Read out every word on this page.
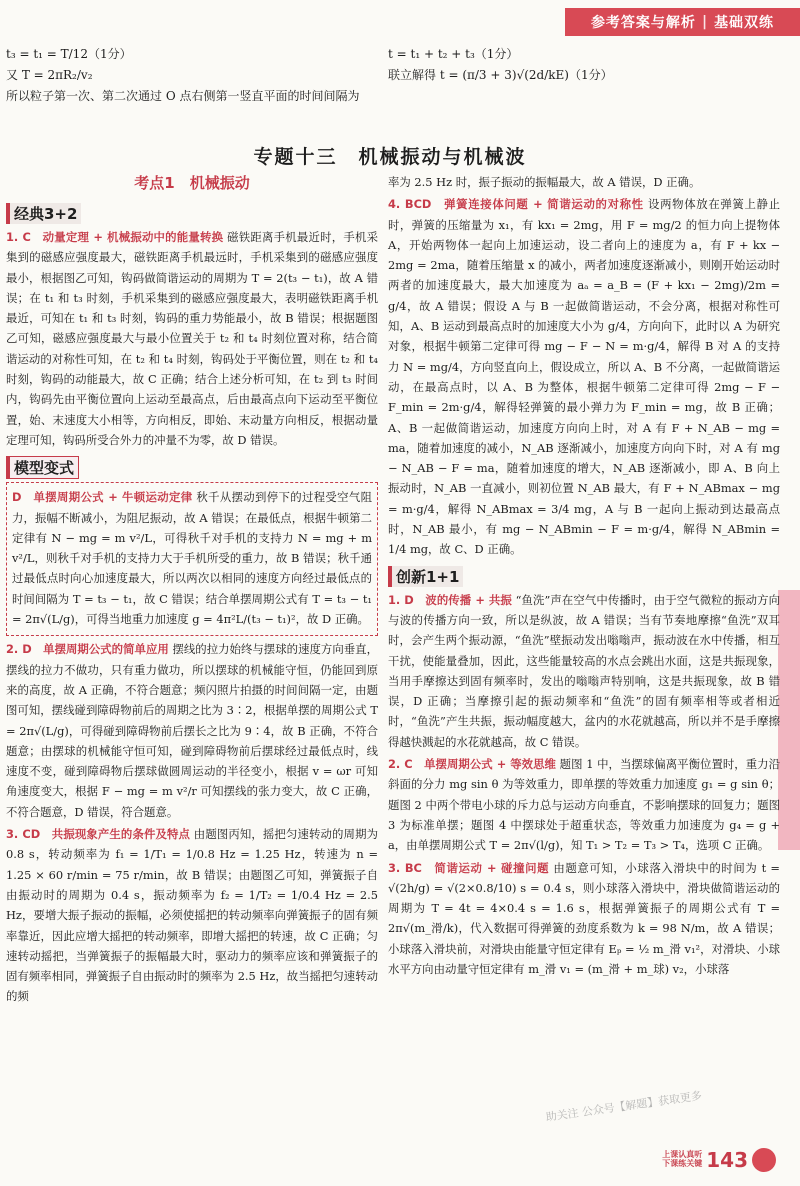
参考答案与解析 | 基础双练
t₃ = t₁ = T/12（1分）
又 T = 2πR₂/v₂
所以粒子第一次、第二次通过 O 点右侧第一竖直平面的时间间隔为
t = t₁ + t₂ + t₃（1分）
联立解得 t = (π/3 + 3)√(2d/kE)（1分）
专题十三　机械振动与机械波
考点1　机械振动
经典3+2

1. C　动量定理 + 机械振动中的能量转换 磁铁距离手机最近时，手机采集到的磁感应强度最大，磁铁距离手机最远时，手机采集到的磁感应强度最小，根据图乙可知，钩码做简谐运动的周期为 T = 2(t₃ − t₁)，故 A 错误；在 t₁ 和 t₃ 时刻，手机采集到的磁感应强度最大，表明磁铁距离手机最近，可知在 t₁ 和 t₃ 时刻，钩码的重力势能最小，故 B 错误；根据题图乙可知，磁感应强度最大与最小位置关于 t₂ 和 t₄ 时刻位置对称，结合简谐运动的对称性可知，在 t₂ 和 t₄ 时刻，钩码处于平衡位置，则在 t₂ 和 t₄ 时刻，钩码的动能最大，故 C 正确；结合上述分析可知，在 t₂ 到 t₃ 时间内，钩码先由平衡位置向上运动至最高点，后由最高点向下运动至平衡位置，始、末速度大小相等，方向相反，即始、末动量方向相反，根据动量定理可知，钩码所受合外力的冲量不为零，故 D 错误。

模型变式

D　单摆周期公式 + 牛顿运动定律 秋千从摆动到停下的过程受空气阻力，振幅不断减小，为阻尼振动，故 A 错误；在最低点，根据牛顿第二定律有 N − mg = m v²/L，可得秋千对手机的支持力 N = mg + m v²/L，则秋千对手机的支持力大于手机所受的重力，故 B 错误；秋千通过最低点时向心加速度最大，所以两次以相同的速度方向经过最低点的时间间隔为 T = t₃ − t₁，故 C 错误；结合单摆周期公式有 T = t₃ − t₁ = 2π√(L/g)，可得当地重力加速度 g = 4π²L/(t₃ − t₁)²，故 D 正确。

2. D　单摆周期公式的简单应用 摆线的拉力始终与摆球的速度方向垂直，摆线的拉力不做功，只有重力做功，所以摆球的机械能守恒，仍能回到原来的高度，故 A 正确，不符合题意；频闪照片拍摄的时间间隔一定，由题图可知，摆线碰到障碍物前后的周期之比为 3∶2，根据单摆的周期公式 T = 2π√(L/g)，可得碰到障碍物前后摆长之比为 9∶4，故 B 正确，不符合题意；由摆球的机械能守恒可知，碰到障碍物前后摆球经过最低点时，线速度不变，碰到障碍物后摆球做圆周运动的半径变小，根据 v = ωr 可知角速度变大，根据 F − mg = m v²/r 可知摆线的张力变大，故 C 正确，不符合题意，D 错误，符合题意。

3. CD　共振现象产生的条件及特点 由题图丙知，摇把匀速转动的周期为 0.8 s，转动频率为 f₁ = 1/T₁ = 1/0.8 Hz = 1.25 Hz，转速为 n = 1.25 × 60 r/min = 75 r/min，故 B 错误；由题图乙可知，弹簧振子自由振动时的周期为 0.4 s，振动频率为 f₂ = 1/T₂ = 1/0.4 Hz = 2.5 Hz，要增大振子振动的振幅，必须使摇把的转动频率向弹簧振子的固有频率靠近，因此应增大摇把的转动频率，即增大摇把的转速，故 C 正确；匀速转动摇把，当弹簧振子的振幅最大时，驱动力的频率应该和弹簧振子的固有频率相同，弹簧振子自由振动时的频率为 2.5 Hz，故当摇把匀速转动的频

率为 2.5 Hz 时，振子振动的振幅最大，故 A 错误，D 正确。

4. BCD　弹簧连接体问题 + 简谐运动的对称性 设两物体放在弹簧上静止时，弹簧的压缩量为 x₁，有 kx₁ = 2mg，用 F = mg/2 的恒力向上提物体 A，开始两物体一起向上加速运动，设二者向上的速度为 a，有 F + kx − 2mg = 2ma，随着压缩量 x 的减小，两者加速度逐渐减小，则刚开始运动时两者的加速度最大，最大加速度为 aₐ = a_B = (F + kx₁ − 2mg)/2m = g/4，故 A 错误；假设 A 与 B 一起做简谐运动，不会分离，根据对称性可知，A、B 运动到最高点时的加速度大小为 g/4，方向向下，此时以 A 为研究对象，根据牛顿第二定律可得 mg − F − N = m·g/4，解得 B 对 A 的支持力 N = mg/4，方向竖直向上，假设成立，所以 A、B 不分离，一起做简谐运动，在最高点时，以 A、B 为整体，根据牛顿第二定律可得 2mg − F − F_min = 2m·g/4，解得轻弹簧的最小弹力为 F_min = mg，故 B 正确；A、B 一起做简谐运动，加速度方向向上时，对 A 有 F + N_AB − mg = ma，随着加速度的减小，N_AB 逐渐减小，加速度方向向下时，对 A 有 mg − N_AB − F = ma，随着加速度的增大，N_AB 逐渐减小，即 A、B 向上振动时，N_AB 一直减小，则初位置 N_AB 最大，有 F + N_ABmax − mg = m·g/4，解得 N_ABmax = 3/4 mg，A 与 B 一起向上振动到达最高点时，N_AB 最小，有 mg − N_ABmin − F = m·g/4，解得 N_ABmin = 1/4 mg，故 C、D 正确。

创新1+1

1. D　波的传播 + 共振 “鱼洗”声在空气中传播时，由于空气微粒的振动方向与波的传播方向一致，所以是纵波，故 A 错误；当有节奏地摩擦“鱼洗”双耳时，会产生两个振动源，“鱼洗”壁振动发出嗡嗡声，振动波在水中传播，相互干扰，使能量叠加，因此，这些能量较高的水点会跳出水面，这是共振现象，当用手摩擦达到固有频率时，发出的嗡嗡声特别响，这是共振现象，故 B 错误，D 正确；当摩擦引起的振动频率和“鱼洗”的固有频率相等或者相近时，“鱼洗”产生共振，振动幅度越大，盆内的水花就越高，所以并不是手摩擦得越快溅起的水花就越高，故 C 错误。

2. C　单摆周期公式 + 等效思维 题图 1 中，当摆球偏离平衡位置时，重力沿斜面的分力 mg sin θ 为等效重力，即单摆的等效重力加速度 g₁ = g sin θ；题图 2 中两个带电小球的斥力总与运动方向垂直，不影响摆球的回复力；题图 3 为标准单摆；题图 4 中摆球处于超重状态，等效重力加速度为 g₄ = g + a，由单摆周期公式 T = 2π√(l/g)，知 T₁ > T₂ = T₃ > T₄，选项 C 正确。

3. BC　简谐运动 + 碰撞问题 由题意可知，小球落入滑块中的时间为 t = √(2h/g) = √(2×0.8/10) s = 0.4 s，则小球落入滑块中，滑块做简谐运动的周期为 T = 4t = 4×0.4 s = 1.6 s，根据弹簧振子的周期公式有 T = 2π√(m_滑/k)，代入数据可得弹簧的劲度系数为 k = 98 N/m，故 A 错误；小球落入滑块前，对滑块由能量守恒定律有 Eₚ = ½ m_滑 v₁²，对滑块、小球水平方向由动量守恒定律有 m_滑 v₁ = (m_滑 + m_球) v₂，小球落

助关注 公众号【解题】获取更多
上课认真听
下课练关键 143
